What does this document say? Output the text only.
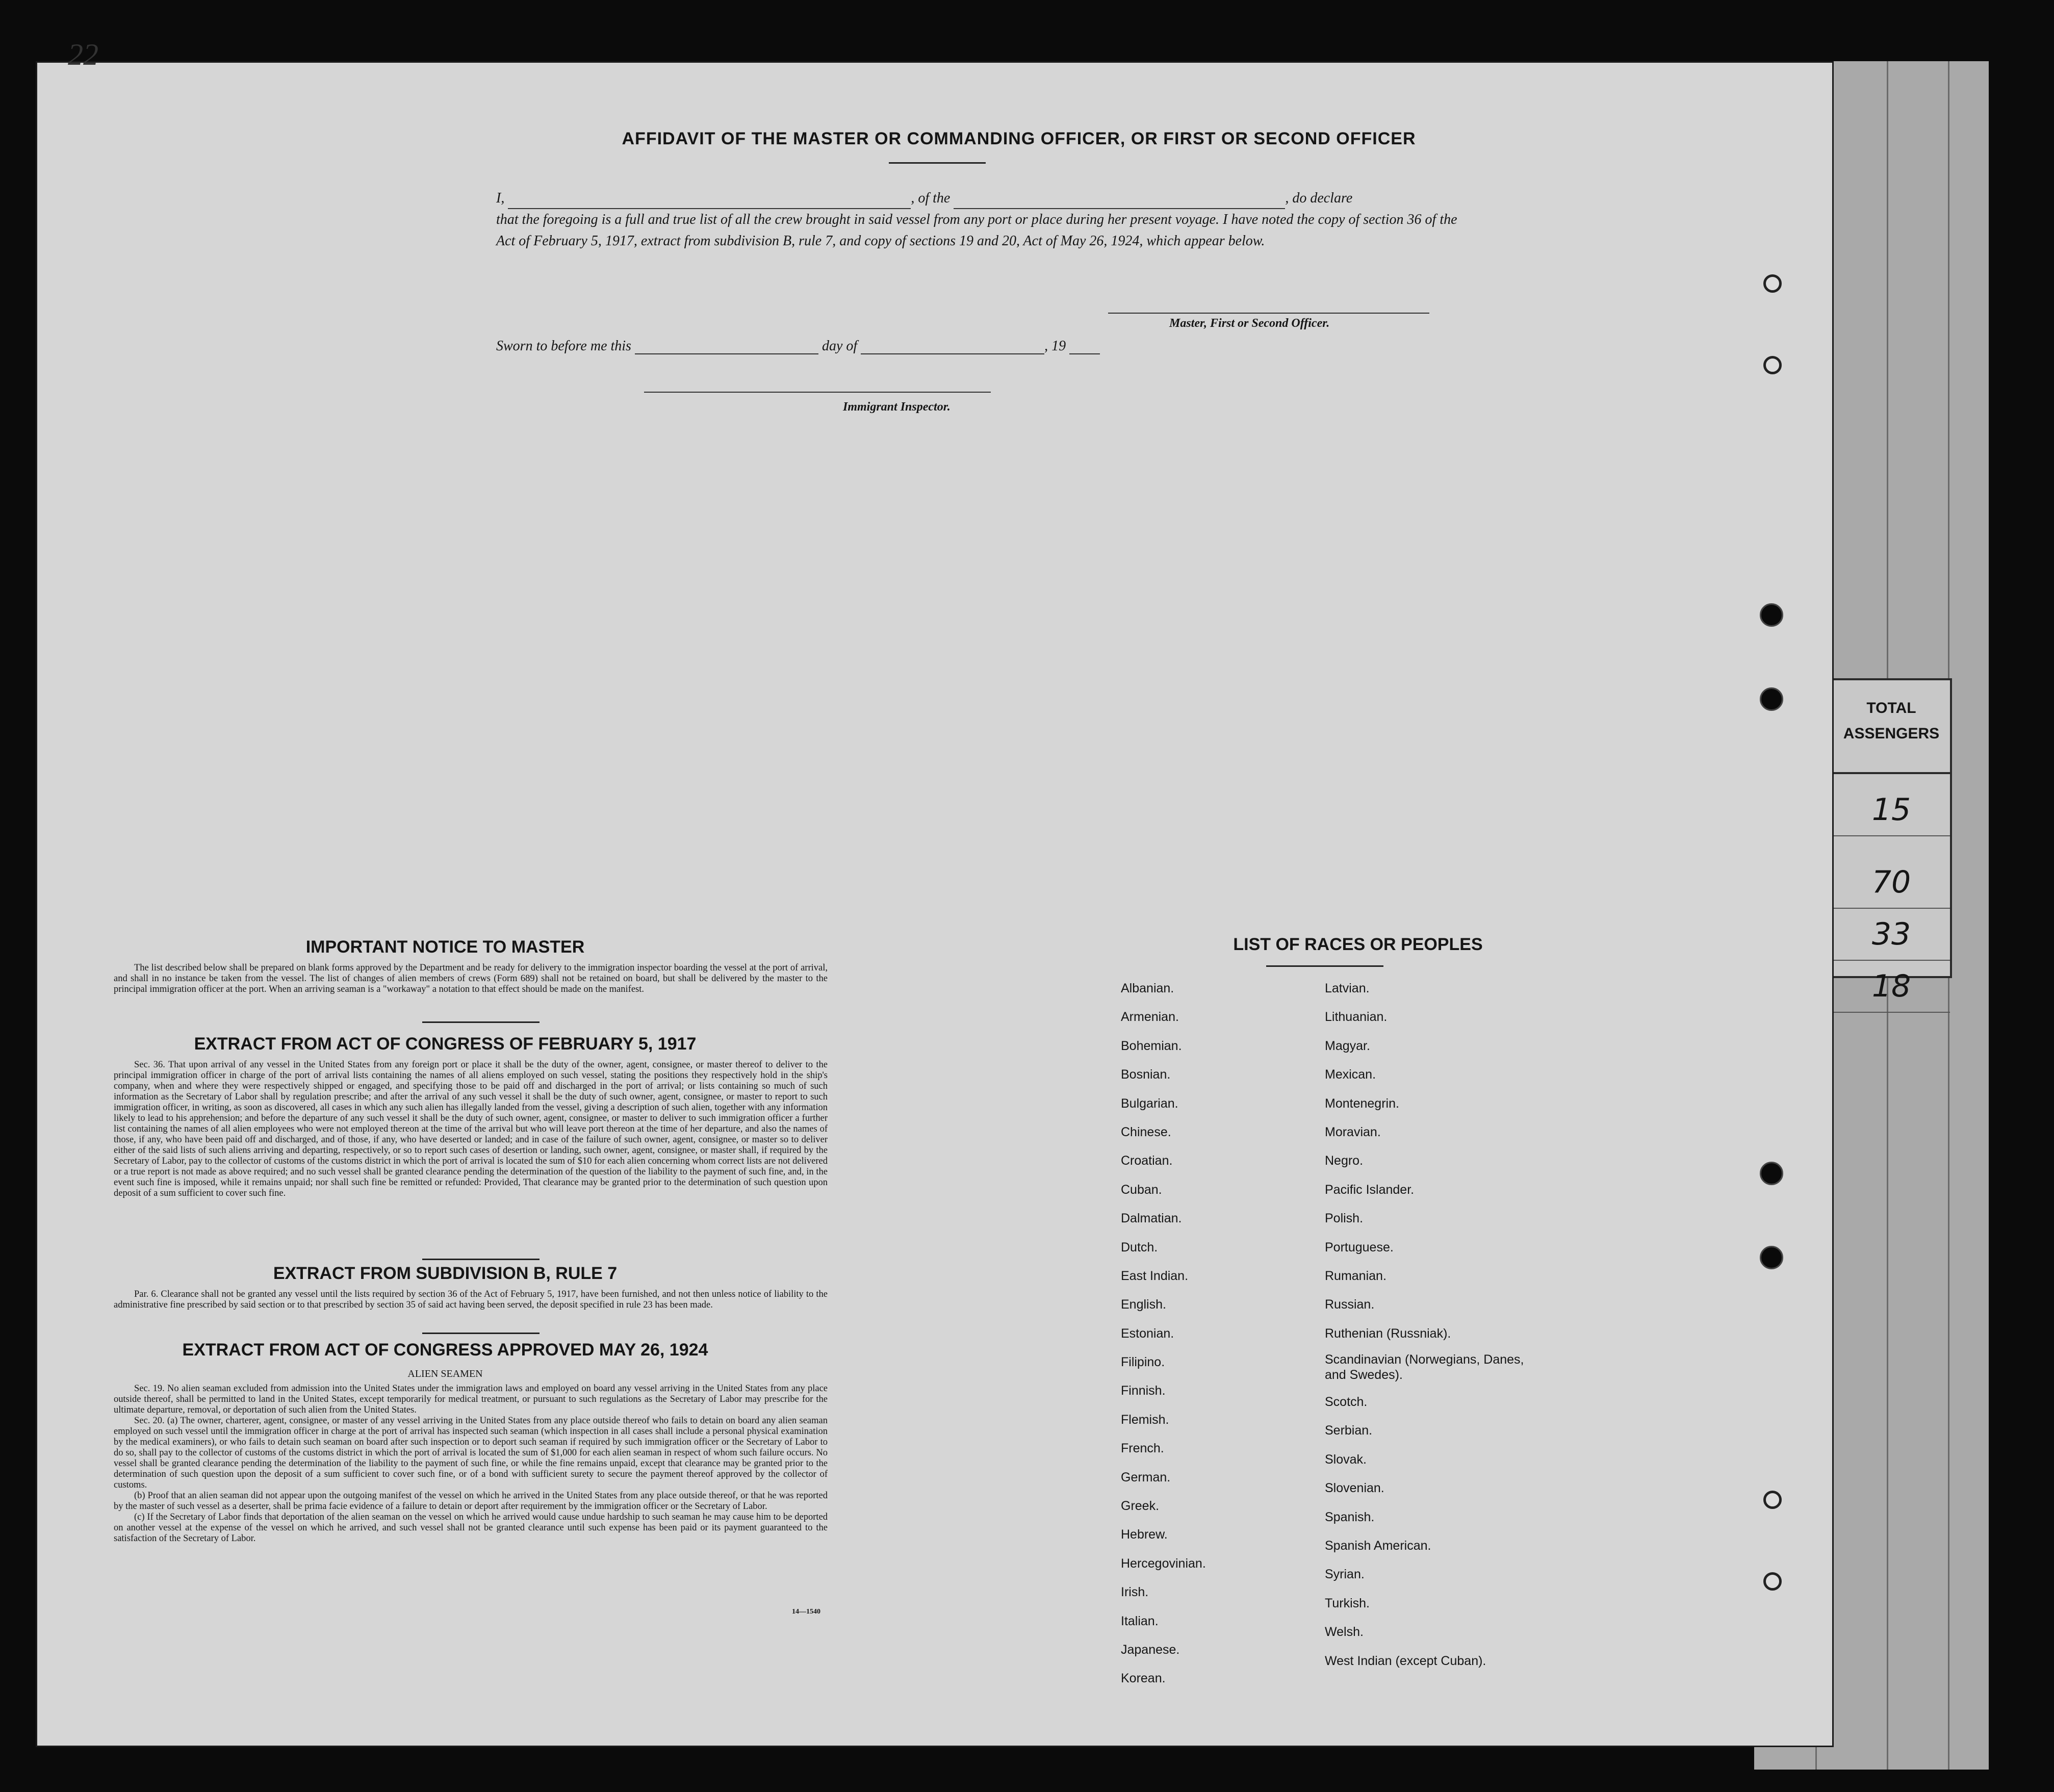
TOTAL
ASSENGERS
15
70
33
18
22
AFFIDAVIT OF THE MASTER OR COMMANDING OFFICER, OR FIRST OR SECOND OFFICER
I,	, of the	, do declare
that the foregoing is a full and true list of all the crew brought in said vessel from any port or place during her present voyage. I have noted the copy of section 36 of the Act of February 5, 1917, extract from subdivision B, rule 7, and copy of sections 19 and 20, Act of May 26, 1924, which appear below.
Master, First or Second Officer.
Sworn to before me this	day of	, 19
Immigrant Inspector.
IMPORTANT NOTICE TO MASTER

The list described below shall be prepared on blank forms approved by the Department and be ready for delivery to the immigration inspector boarding the vessel at the port of arrival, and shall in no instance be taken from the vessel. The list of changes of alien members of crews (Form 689) shall not be retained on board, but shall be delivered by the master to the principal immigration officer at the port. When an arriving seaman is a "workaway" a notation to that effect should be made on the manifest.

EXTRACT FROM ACT OF CONGRESS OF FEBRUARY 5, 1917

Sec. 36. That upon arrival of any vessel in the United States from any foreign port or place it shall be the duty of the owner, agent, consignee, or master thereof to deliver to the principal immigration officer in charge of the port of arrival lists containing the names of all aliens employed on such vessel, stating the positions they respectively hold in the ship's company, when and where they were respectively shipped or engaged, and specifying those to be paid off and discharged in the port of arrival; or lists containing so much of such information as the Secretary of Labor shall by regulation prescribe; and after the arrival of any such vessel it shall be the duty of such owner, agent, consignee, or master to report to such immigration officer, in writing, as soon as discovered, all cases in which any such alien has illegally landed from the vessel, giving a description of such alien, together with any information likely to lead to his apprehension; and before the departure of any such vessel it shall be the duty of such owner, agent, consignee, or master to deliver to such immigration officer a further list containing the names of all alien employees who were not employed thereon at the time of the arrival but who will leave port thereon at the time of her departure, and also the names of those, if any, who have been paid off and discharged, and of those, if any, who have deserted or landed; and in case of the failure of such owner, agent, consignee, or master so to deliver either of the said lists of such aliens arriving and departing, respectively, or so to report such cases of desertion or landing, such owner, agent, consignee, or master shall, if required by the Secretary of Labor, pay to the collector of customs of the customs district in which the port of arrival is located the sum of $10 for each alien concerning whom correct lists are not delivered or a true report is not made as above required; and no such vessel shall be granted clearance pending the determination of the question of the liability to the payment of such fine, and, in the event such fine is imposed, while it remains unpaid; nor shall such fine be remitted or refunded: Provided, That clearance may be granted prior to the determination of such question upon deposit of a sum sufficient to cover such fine.

EXTRACT FROM SUBDIVISION B, RULE 7

Par. 6. Clearance shall not be granted any vessel until the lists required by section 36 of the Act of February 5, 1917, have been furnished, and not then unless notice of liability to the administrative fine prescribed by said section or to that prescribed by section 35 of said act having been served, the deposit specified in rule 23 has been made.

EXTRACT FROM ACT OF CONGRESS APPROVED MAY 26, 1924
ALIEN SEAMEN

Sec. 19. No alien seaman excluded from admission into the United States under the immigration laws and employed on board any vessel arriving in the United States from any place outside thereof, shall be permitted to land in the United States, except temporarily for medical treatment, or pursuant to such regulations as the Secretary of Labor may prescribe for the ultimate departure, removal, or deportation of such alien from the United States.

Sec. 20. (a) The owner, charterer, agent, consignee, or master of any vessel arriving in the United States from any place outside thereof who fails to detain on board any alien seaman employed on such vessel until the immigration officer in charge at the port of arrival has inspected such seaman (which inspection in all cases shall include a personal physical examination by the medical examiners), or who fails to detain such seaman on board after such inspection or to deport such seaman if required by such immigration officer or the Secretary of Labor to do so, shall pay to the collector of customs of the customs district in which the port of arrival is located the sum of $1,000 for each alien seaman in respect of whom such failure occurs. No vessel shall be granted clearance pending the determination of the liability to the payment of such fine, or while the fine remains unpaid, except that clearance may be granted prior to the determination of such question upon the deposit of a sum sufficient to cover such fine, or of a bond with sufficient surety to secure the payment thereof approved by the collector of customs.

(b) Proof that an alien seaman did not appear upon the outgoing manifest of the vessel on which he arrived in the United States from any place outside thereof, or that he was reported by the master of such vessel as a deserter, shall be prima facie evidence of a failure to detain or deport after requirement by the immigration officer or the Secretary of Labor.

(c) If the Secretary of Labor finds that deportation of the alien seaman on the vessel on which he arrived would cause undue hardship to such seaman he may cause him to be deported on another vessel at the expense of the vessel on which he arrived, and such vessel shall not be granted clearance until such expense has been paid or its payment guaranteed to the satisfaction of the Secretary of Labor.

14—1540
LIST OF RACES OR PEOPLES
Albanian.
Armenian.
Bohemian.
Bosnian.
Bulgarian.
Chinese.
Croatian.
Cuban.
Dalmatian.
Dutch.
East Indian.
English.
Estonian.
Filipino.
Finnish.
Flemish.
French.
German.
Greek.
Hebrew.
Hercegovinian.
Irish.
Italian.
Japanese.
Korean.
Latvian.
Lithuanian.
Magyar.
Mexican.
Montenegrin.
Moravian.
Negro.
Pacific Islander.
Polish.
Portuguese.
Rumanian.
Russian.
Ruthenian (Russniak).
Scandinavian (Norwegians, Danes, and Swedes).
Scotch.
Serbian.
Slovak.
Slovenian.
Spanish.
Spanish American.
Syrian.
Turkish.
Welsh.
West Indian (except Cuban).
